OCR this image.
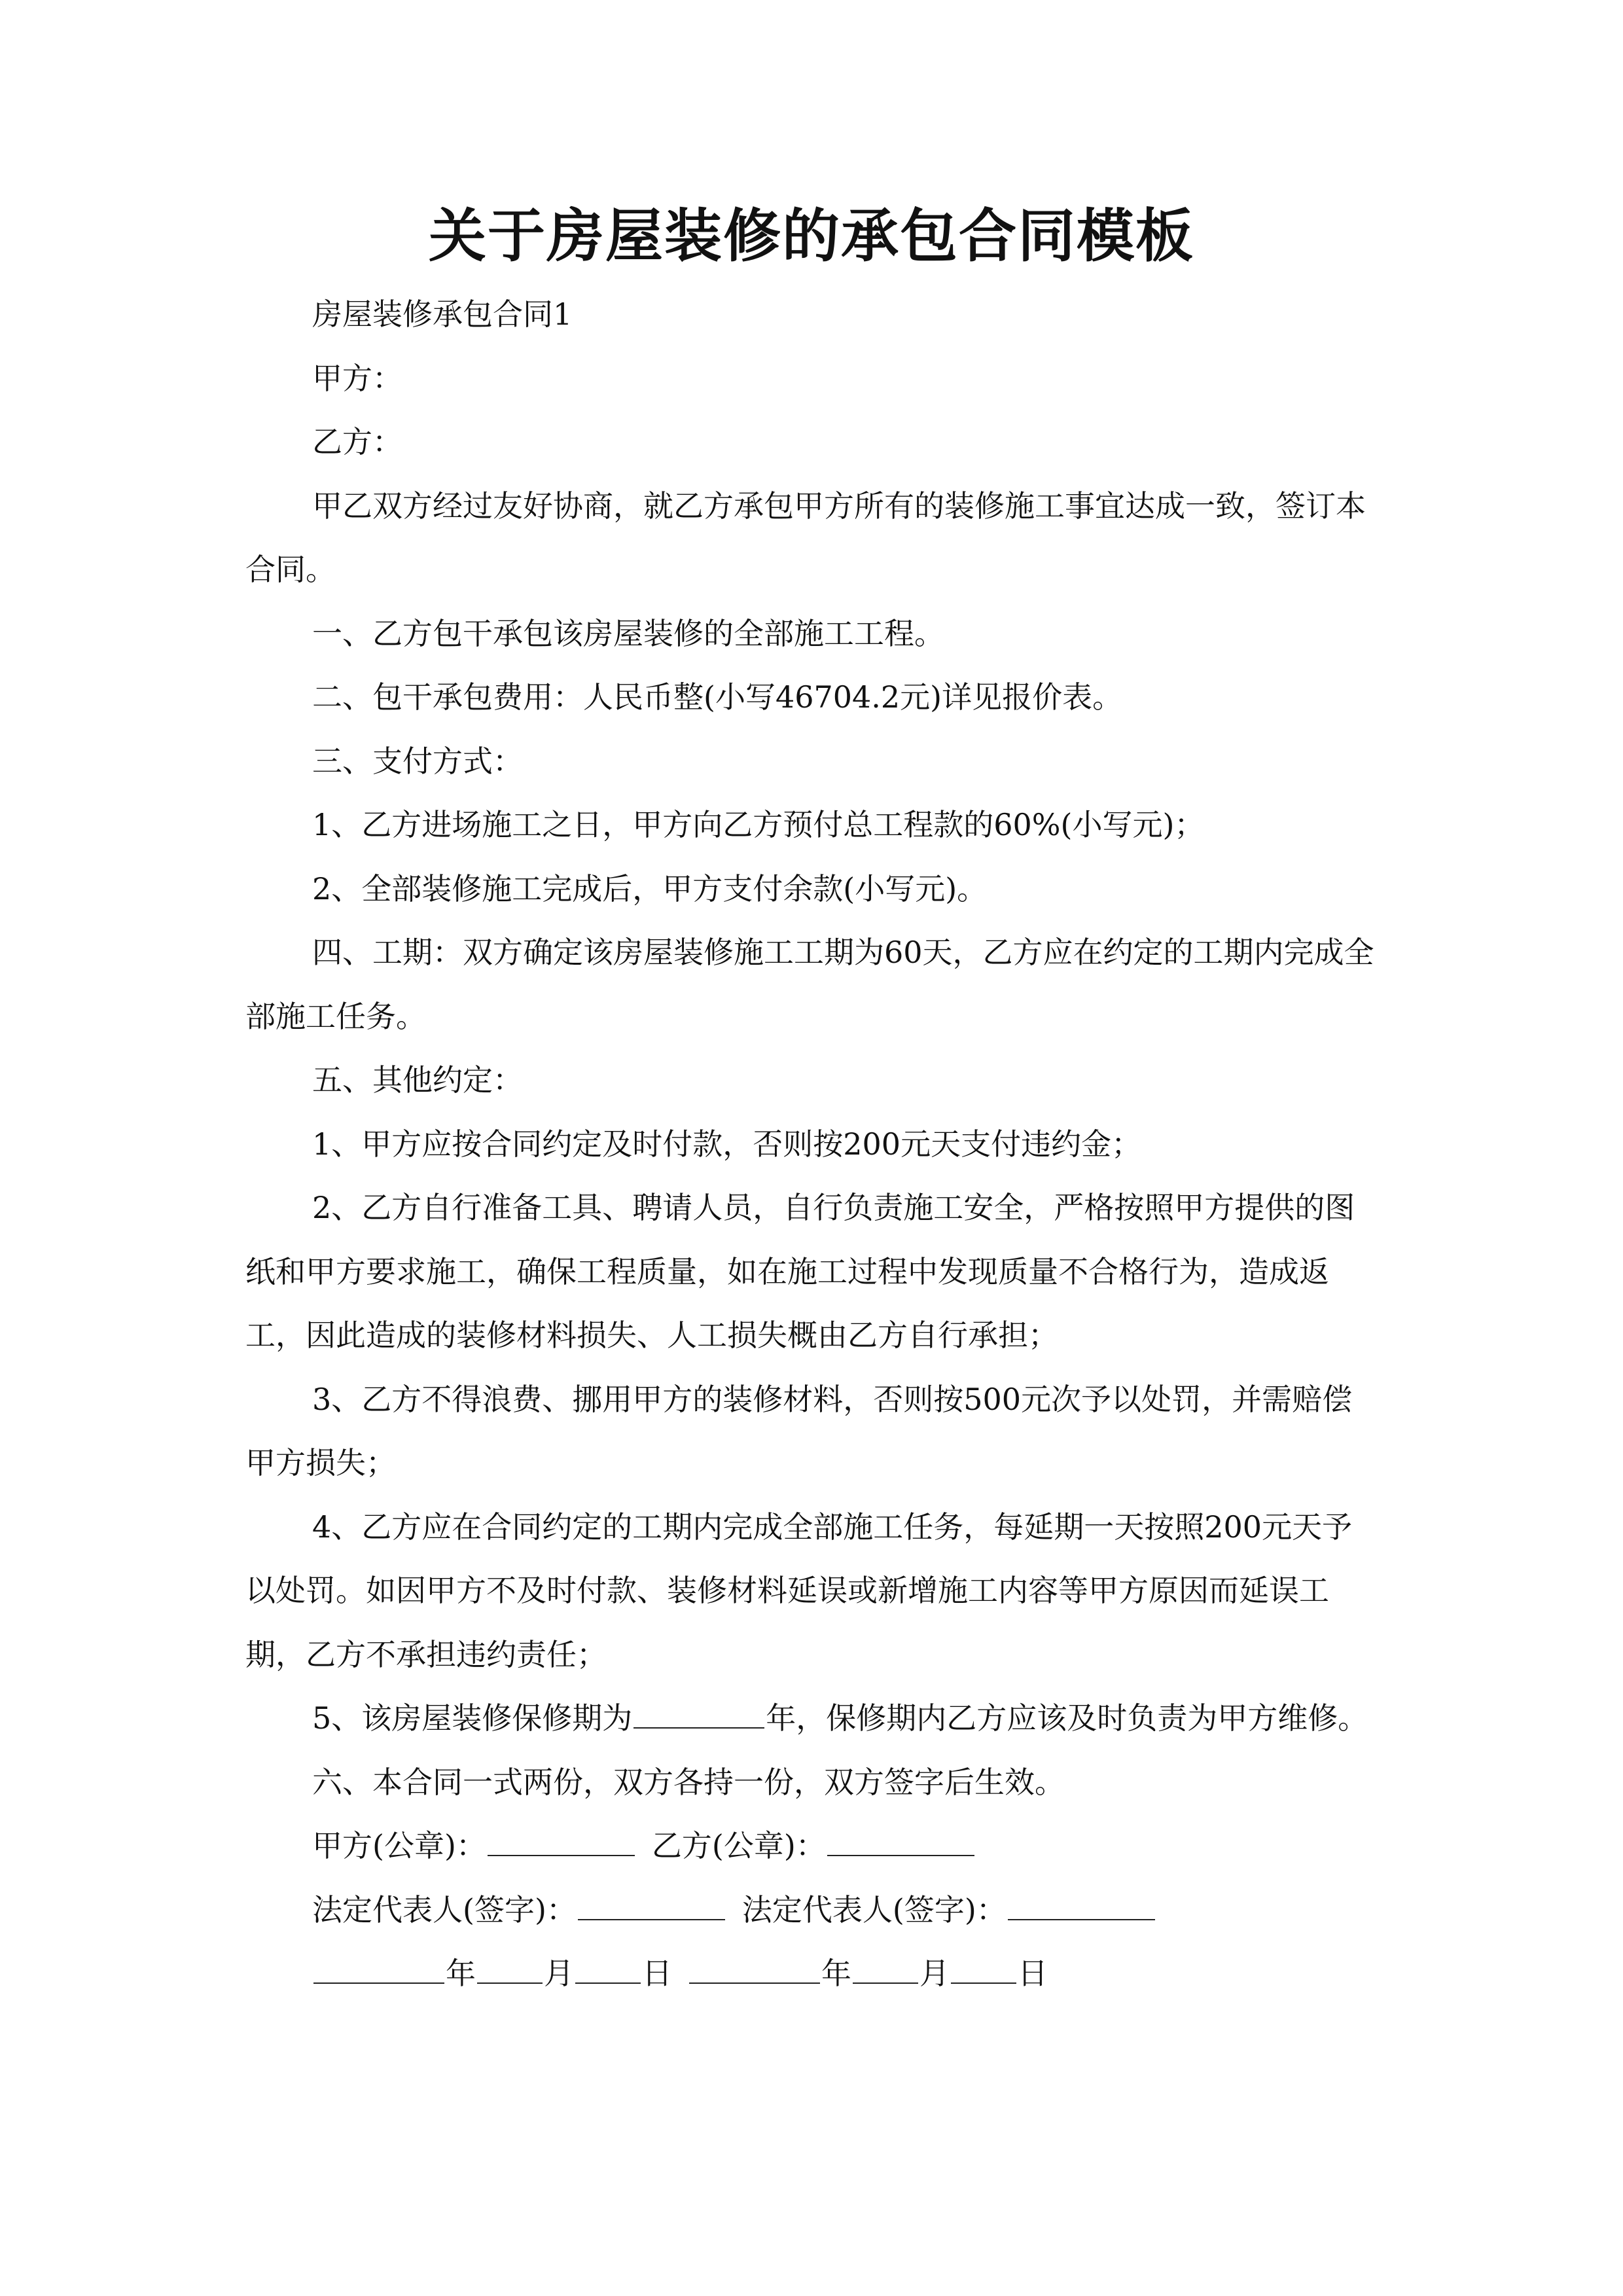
关于房屋装修的承包合同模板

房屋装修承包合同1

甲方：

乙方：

甲乙双方经过友好协商，就乙方承包甲方所有的装修施工事宜达成一致，签订本合同。

一、乙方包干承包该房屋装修的全部施工工程。

二、包干承包费用：人民币整(小写46704.2元)详见报价表。

三、支付方式：

1、乙方进场施工之日，甲方向乙方预付总工程款的60%(小写元)；

2、全部装修施工完成后，甲方支付余款(小写元)。

四、工期：双方确定该房屋装修施工工期为60天，乙方应在约定的工期内完成全部施工任务。

五、其他约定：

1、甲方应按合同约定及时付款，否则按200元天支付违约金；

2、乙方自行准备工具、聘请人员，自行负责施工安全，严格按照甲方提供的图纸和甲方要求施工，确保工程质量，如在施工过程中发现质量不合格行为，造成返工，因此造成的装修材料损失、人工损失概由乙方自行承担；

3、乙方不得浪费、挪用甲方的装修材料，否则按500元次予以处罚，并需赔偿甲方损失；

4、乙方应在合同约定的工期内完成全部施工任务，每延期一天按照200元天予以处罚。如因甲方不及时付款、装修材料延误或新增施工内容等甲方原因而延误工期，乙方不承担违约责任；

5、该房屋装修保修期为	年，保修期内乙方应该及时负责为甲方维修。

六、本合同一式两份，双方各持一份，双方签字后生效。

甲方(公章)：	乙方(公章)：

法定代表人(签字)：	法定代表人(签字)：

年 月 日	年 月 日
